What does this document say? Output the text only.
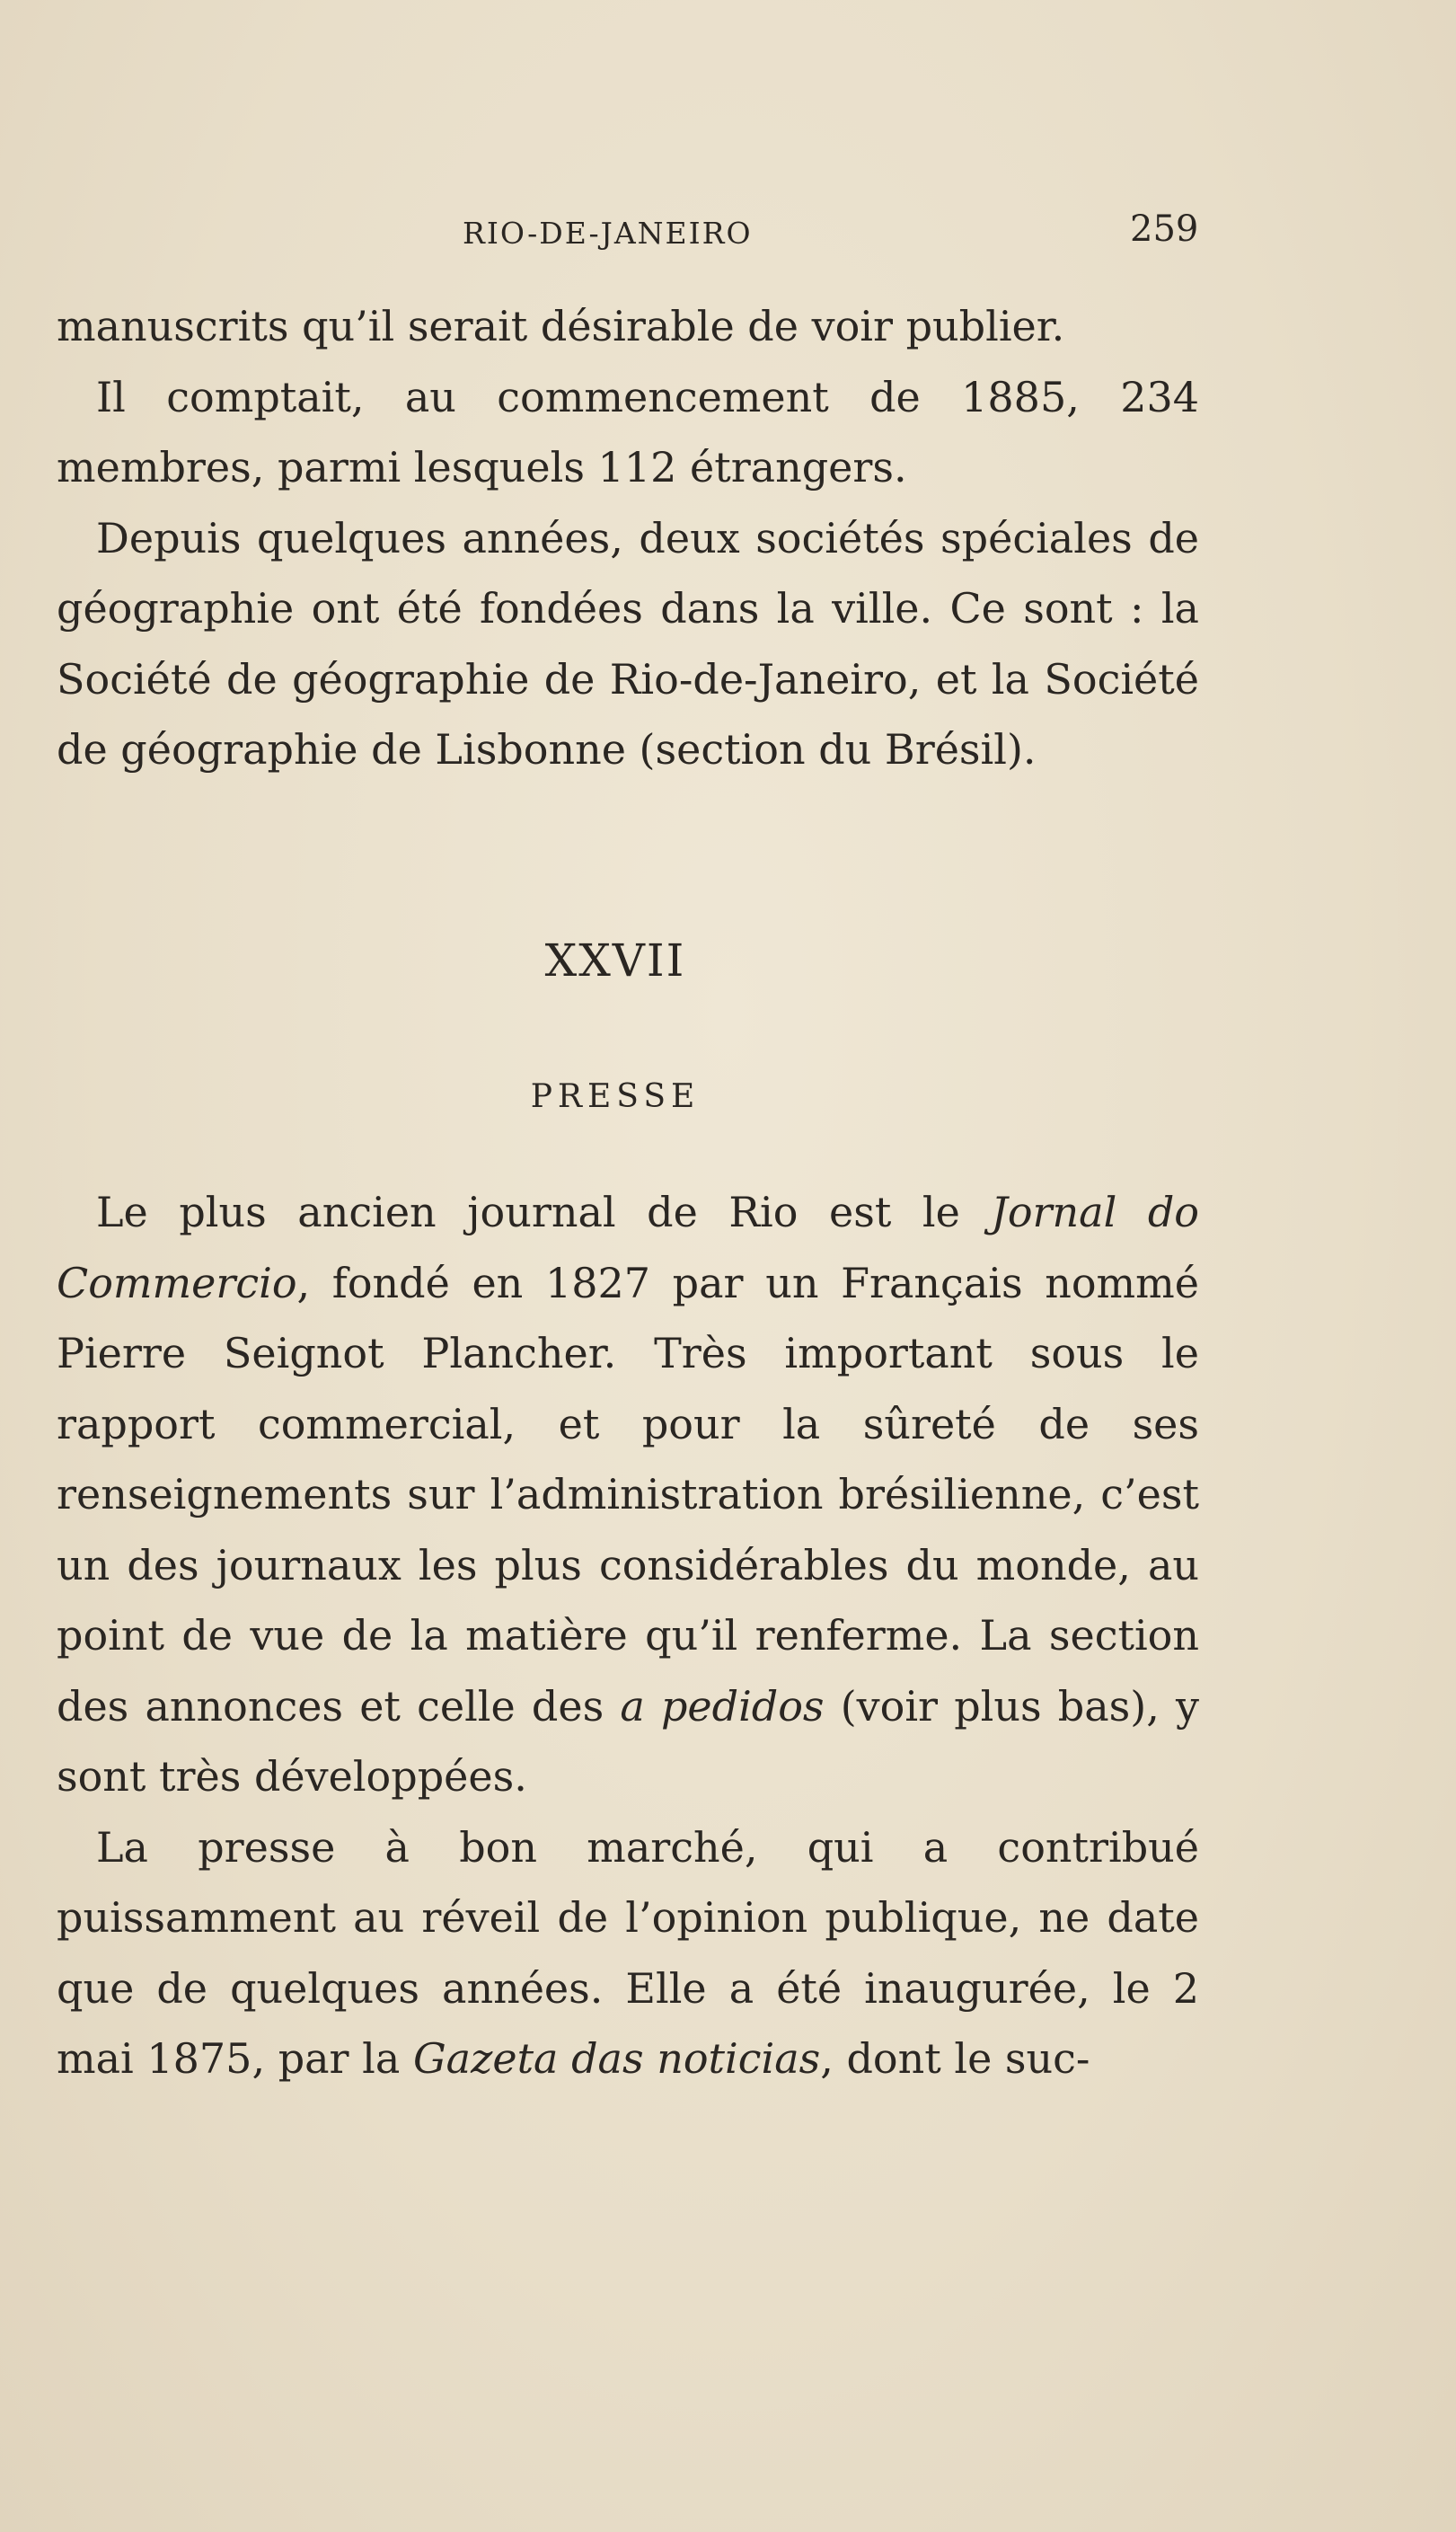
RIO-DE-JANEIRO	259

manuscrits qu’il serait désirable de voir publier.

Il comptait, au commencement de 1885, 234 membres, parmi lesquels 112 étrangers.

Depuis quelques années, deux sociétés spéciales de géographie ont été fondées dans la ville. Ce sont : la Société de géographie de Rio-de-Janeiro, et la Société de géographie de Lisbonne (section du Brésil).

XXVII
PRESSE

Le plus ancien journal de Rio est le Jornal do Commercio, fondé en 1827 par un Français nommé Pierre Seignot Plancher. Très important sous le rapport commercial, et pour la sûreté de ses renseignements sur l’administration brésilienne, c’est un des journaux les plus considérables du monde, au point de vue de la matière qu’il renferme. La section des annonces et celle des a pedidos (voir plus bas), y sont très développées.

La presse à bon marché, qui a contribué puissamment au réveil de l’opinion publique, ne date que de quelques années. Elle a été inaugurée, le 2 mai 1875, par la Gazeta das noticias, dont le suc-
